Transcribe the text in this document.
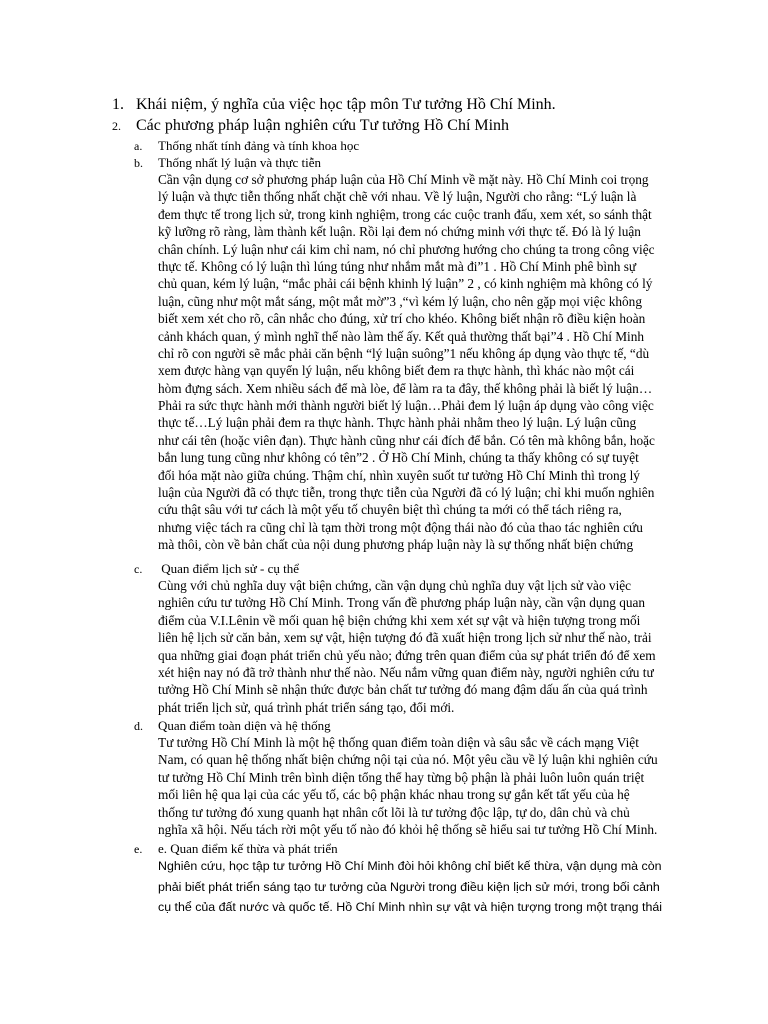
1. Khái niệm, ý nghĩa của việc học tập môn Tư tưởng Hồ Chí Minh.
2. Các phương pháp luận nghiên cứu Tư tưởng Hồ Chí Minh
a. Thống nhất tính đảng và tính khoa học
b. Thống nhất lý luận và thực tiễn
Cần vận dụng cơ sở phương pháp luận của Hồ Chí Minh về mặt này. Hồ Chí Minh coi trọng
lý luận và thực tiễn thống nhất chặt chẽ với nhau. Về lý luận, Người cho rằng: “Lý luận là
đem thực tế trong lịch sử, trong kinh nghiệm, trong các cuộc tranh đấu, xem xét, so sánh thật
kỹ lưỡng rõ ràng, làm thành kết luận. Rồi lại đem nó chứng minh với thực tế. Đó là lý luận
chân chính. Lý luận như cái kim chỉ nam, nó chỉ phương hướng cho chúng ta trong công việc
thực tế. Không có lý luận thì lúng túng như nhắm mắt mà đi”1 . Hồ Chí Minh phê bình sự
chủ quan, kém lý luận, “mắc phải cái bệnh khinh lý luận” 2 , có kinh nghiệm mà không có lý
luận, cũng như một mắt sáng, một mắt mờ”3 ,“vì kém lý luận, cho nên gặp mọi việc không
biết xem xét cho rõ, cân nhắc cho đúng, xử trí cho khéo. Không biết nhận rõ điều kiện hoàn
cảnh khách quan, ý mình nghĩ thế nào làm thế ấy. Kết quả thường thất bại”4 . Hồ Chí Minh
chỉ rõ con người sẽ mắc phải căn bệnh “lý luận suông”1 nếu không áp dụng vào thực tế, “dù
xem được hàng vạn quyển lý luận, nếu không biết đem ra thực hành, thì khác nào một cái
hòm đựng sách. Xem nhiều sách để mà lòe, để làm ra ta đây, thế không phải là biết lý luận…
Phải ra sức thực hành mới thành người biết lý luận…Phải đem lý luận áp dụng vào công việc
thực tế…Lý luận phải đem ra thực hành. Thực hành phải nhằm theo lý luận. Lý luận cũng
như cái tên (hoặc viên đạn). Thực hành cũng như cái đích để bắn. Có tên mà không bắn, hoặc
bắn lung tung cũng như không có tên”2 . Ở Hồ Chí Minh, chúng ta thấy không có sự tuyệt
đối hóa mặt nào giữa chúng. Thậm chí, nhìn xuyên suốt tư tưởng Hồ Chí Minh thì trong lý
luận của Người đã có thực tiễn, trong thực tiễn của Người đã có lý luận; chỉ khi muốn nghiên
cứu thật sâu với tư cách là một yếu tố chuyên biệt thì chúng ta mới có thể tách riêng ra,
nhưng việc tách ra cũng chỉ là tạm thời trong một động thái nào đó của thao tác nghiên cứu
mà thôi, còn về bản chất của nội dung phương pháp luận này là sự thống nhất biện chứng
c. Quan điểm lịch sử - cụ thể
Cùng với chủ nghĩa duy vật biện chứng, cần vận dụng chủ nghĩa duy vật lịch sử vào việc
nghiên cứu tư tưởng Hồ Chí Minh. Trong vấn đề phương pháp luận này, cần vận dụng quan
điểm của V.I.Lênin về mối quan hệ biện chứng khi xem xét sự vật và hiện tượng trong mối
liên hệ lịch sử căn bản, xem sự vật, hiện tượng đó đã xuất hiện trong lịch sử như thế nào, trải
qua những giai đoạn phát triển chủ yếu nào; đứng trên quan điểm của sự phát triển đó để xem
xét hiện nay nó đã trở thành như thế nào. Nếu nắm vững quan điểm này, người nghiên cứu tư
tưởng Hồ Chí Minh sẽ nhận thức được bản chất tư tưởng đó mang đậm dấu ấn của quá trình
phát triển lịch sử, quá trình phát triển sáng tạo, đổi mới.
d. Quan điểm toàn diện và hệ thống
Tư tưởng Hồ Chí Minh là một hệ thống quan điểm toàn diện và sâu sắc về cách mạng Việt
Nam, có quan hệ thống nhất biện chứng nội tại của nó. Một yêu cầu về lý luận khi nghiên cứu
tư tưởng Hồ Chí Minh trên bình diện tổng thể hay từng bộ phận là phải luôn luôn quán triệt
mối liên hệ qua lại của các yếu tố, các bộ phận khác nhau trong sự gắn kết tất yếu của hệ
thống tư tưởng đó xung quanh hạt nhân cốt lõi là tư tưởng độc lập, tự do, dân chủ và chủ
nghĩa xã hội. Nếu tách rời một yếu tố nào đó khỏi hệ thống sẽ hiểu sai tư tưởng Hồ Chí Minh.
e. e. Quan điểm kế thừa và phát triển
Nghiên cứu, học tập tư tưởng Hồ Chí Minh đòi hỏi không chỉ biết kế thừa, vận dụng mà còn
phải biết phát triển sáng tạo tư tưởng của Người trong điều kiện lịch sử mới, trong bối cảnh
cụ thể của đất nước và quốc tế. Hồ Chí Minh nhìn sự vật và hiện tượng trong một trạng thái
